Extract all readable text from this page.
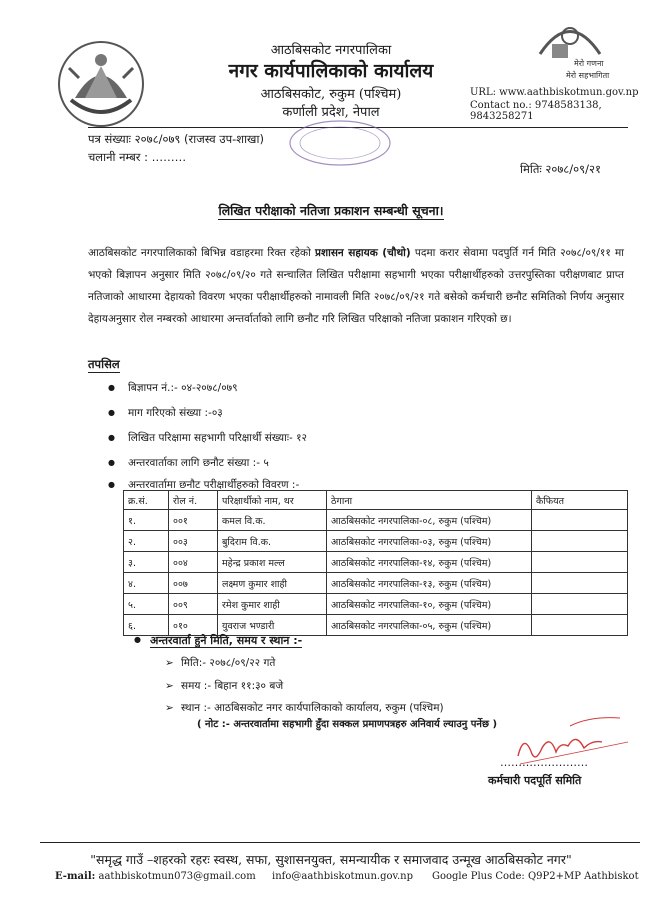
मेरो गणना
मेरो सहभागिता
आठबिसकोट नगरपालिका
नगर कार्यपालिकाको कार्यालय
आठबिसकोट, रुकुम (पश्चिम)
कर्णाली प्रदेश, नेपाल
URL: www.aathbiskotmun.gov.np
Contact no.: 9748583138, 9843258271
पत्र संख्याः २०७८/०७९ (राजस्व उप-शाखा)
चलानी नम्बर : ………
मितिः २०७८/०९/२१
लिखित परीक्षाको नतिजा प्रकाशन सम्बन्धी सूचना।
आठबिसकोट नगरपालिकाको बिभिन्न वडाहरमा रिक्त रहेको प्रशासन सहायक (चौथो) पदमा करार सेवामा पदपुर्ति गर्न मिति २०७८/०९/११ मा भएको बिज्ञापन अनुसार मिति २०७८/०९/२० गते सन्चालित लिखित परीक्षामा सहभागी भएका परीक्षार्थीहरुको उत्तरपुस्तिका परीक्षणबाट प्राप्त नतिजाको आधारमा देहायको विवरण भएका परीक्षार्थीहरुको नामावली मिति २०७८/०९/२१ गते बसेको कर्मचारी छनौट समितिको निर्णय अनुसार देहायअनुसार रोल नम्बरको आधारमा अन्तर्वार्ताको लागि छनौट गरि लिखित परिक्षाको नतिजा प्रकाशन गरिएको छ।
तपसिल
● बिज्ञापन नं.:- ०४-२०७८/०७९
● माग गरिएको संख्या :-०३
● लिखित परिक्षामा सहभागी परिक्षार्थी संख्याः- १२
● अन्तरवार्ताका लागि छनौट संख्या :- ५
● अन्तरवार्तामा छनौट परीक्षार्थीहरुको विवरण :-
क्र.सं.	रोल नं.	परिक्षार्थीको नाम, थर	ठेगाना	कैफियत
१.	००१	कमल वि.क.	आठबिसकोट नगरपालिका-०८, रुकुम (पश्चिम)	
२.	००३	बुदिराम वि.क.	आठबिसकोट नगरपालिका-०३, रुकुम (पश्चिम)	
३.	००४	महेन्द्र प्रकाश मल्ल	आठबिसकोट नगरपालिका-१४, रुकुम (पश्चिम)	
४.	००७	लक्ष्मण कुमार शाही	आठबिसकोट नगरपालिका-१३, रुकुम (पश्चिम)	
५.	००९	रमेश कुमार शाही	आठबिसकोट नगरपालिका-१०, रुकुम (पश्चिम)	
६.	०१०	युवराज भण्डारी	आठबिसकोट नगरपालिका-०५, रुकुम (पश्चिम)	
● अन्तरवार्ता हुने मिति, समय र स्थान :-
➢ मिति:- २०७८/०९/२२ गते
➢ समय :- बिहान ११:३० बजे
➢ स्थान :- आठबिसकोट नगर कार्यपालिकाको कार्यालय, रुकुम (पश्चिम)
( नोट :- अन्तरवार्तामा सहभागी हुँदा सक्कल प्रमाणपत्रहरु अनिवार्य ल्याउनु पर्नेछ )
……………………
कर्मचारी पदपूर्ति समिति
"समृद्ध गाउँ –शहरको रहरः स्वस्थ, सफा, सुशासनयुक्त, समन्यायीक र समाजवाद उन्मूख आठबिसकोट नगर"
E-mail: aathbiskotmun073@gmail.com info@aathbiskotmun.gov.np Google Plus Code: Q9P2+MP Aathbiskot
